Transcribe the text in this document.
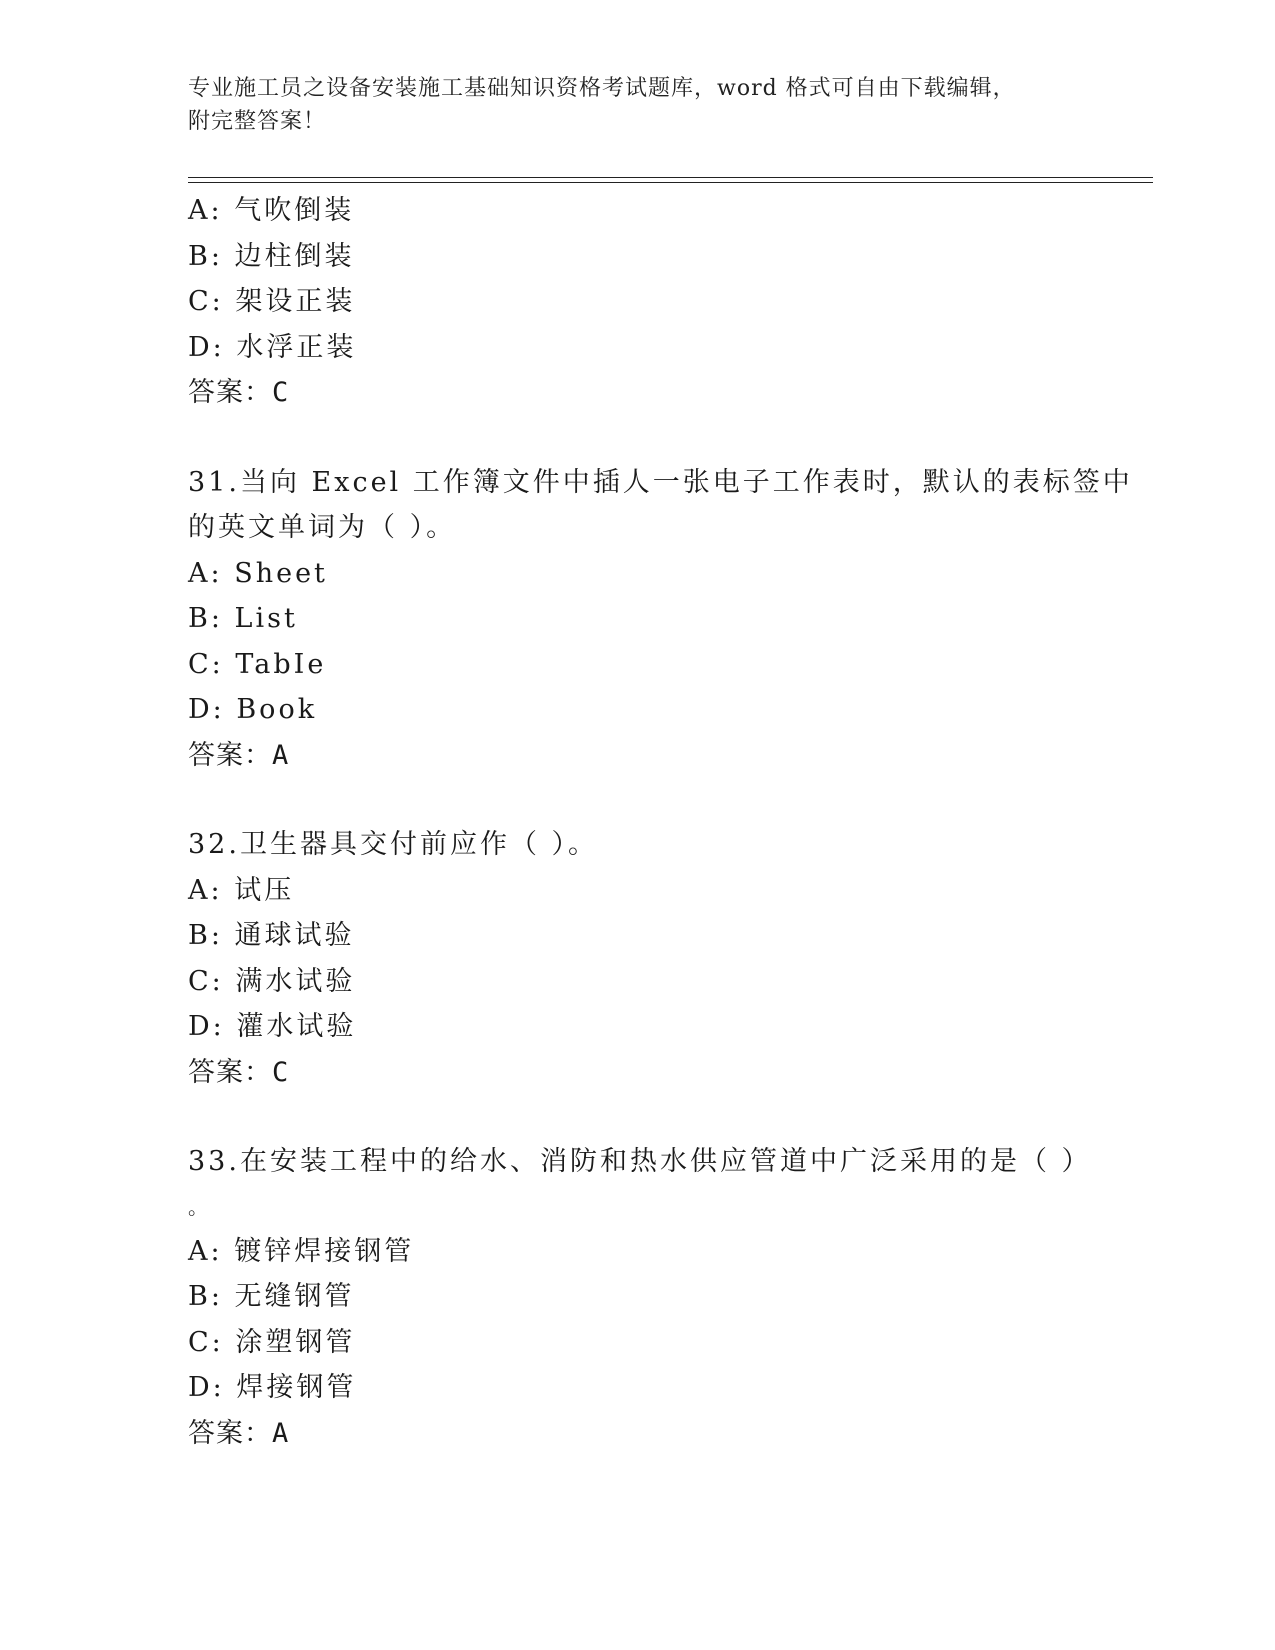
专业施工员之设备安装施工基础知识资格考试题库，word 格式可自由下载编辑，
附完整答案！
A: 气吹倒装
B: 边柱倒装
C: 架设正装
D: 水浮正装
答案：C
31.当向 Excel 工作簿文件中插人一张电子工作表时，默认的表标签中
的英文单词为（ ）。
A: Sheet
B: List
C: TabIe
D: Book
答案：A
32.卫生器具交付前应作（ ）。
A: 试压
B: 通球试验
C: 满水试验
D: 灌水试验
答案：C
33.在安装工程中的给水、消防和热水供应管道中广泛采用的是（ ）
。
A: 镀锌焊接钢管
B: 无缝钢管
C: 涂塑钢管
D: 焊接钢管
答案：A
